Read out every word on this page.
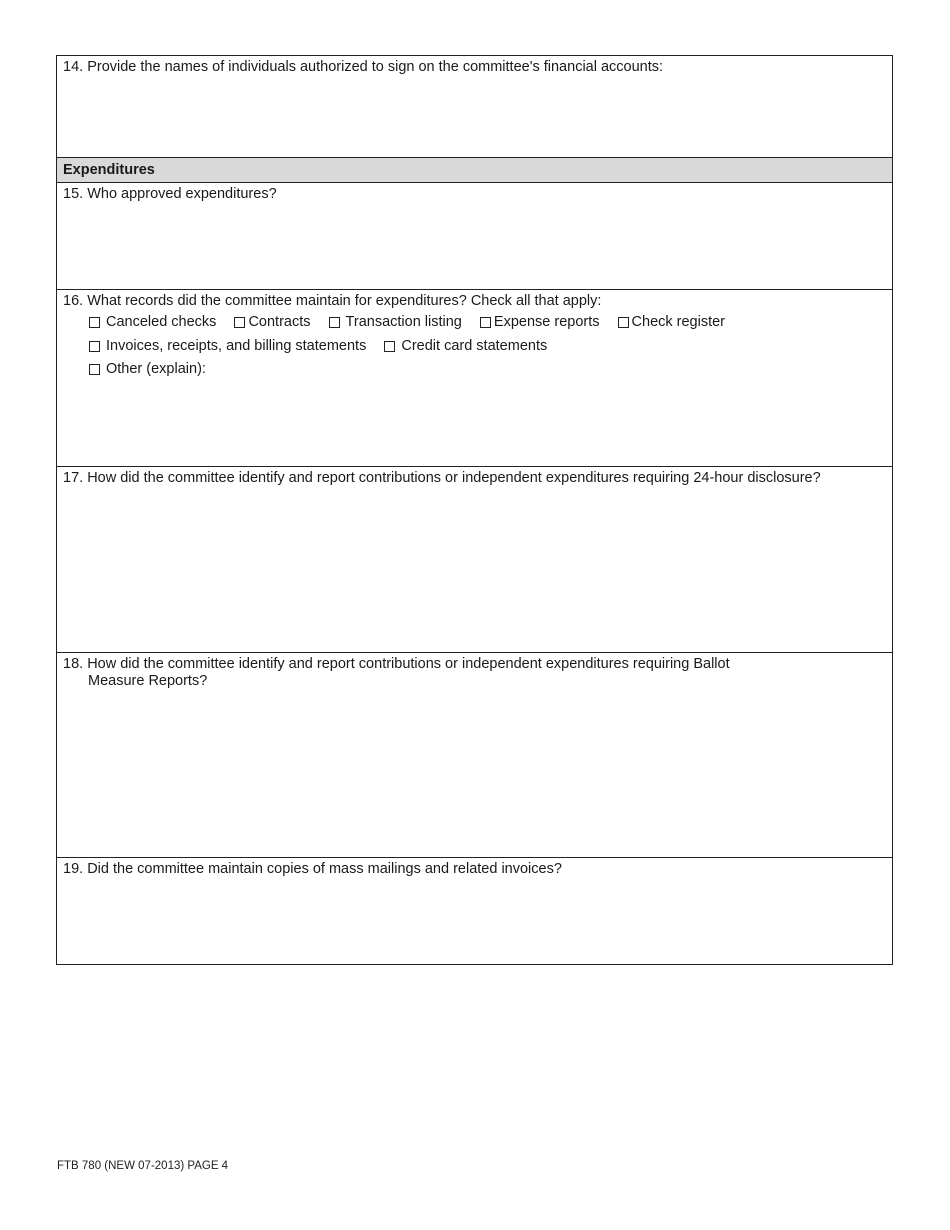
14. Provide the names of individuals authorized to sign on the committee's financial accounts:
Expenditures
15. Who approved expenditures?
16. What records did the committee maintain for expenditures? Check all that apply:
Canceled checks
Contracts
Transaction listing
Expense reports
Check register
Invoices, receipts, and billing statements
Credit card statements
Other (explain):
17. How did the committee identify and report contributions or independent expenditures requiring 24-hour disclosure?
18. How did the committee identify and report contributions or independent expenditures requiring Ballot
Measure Reports?
19. Did the committee maintain copies of mass mailings and related invoices?
FTB 780 (NEW 07-2013) PAGE 4
